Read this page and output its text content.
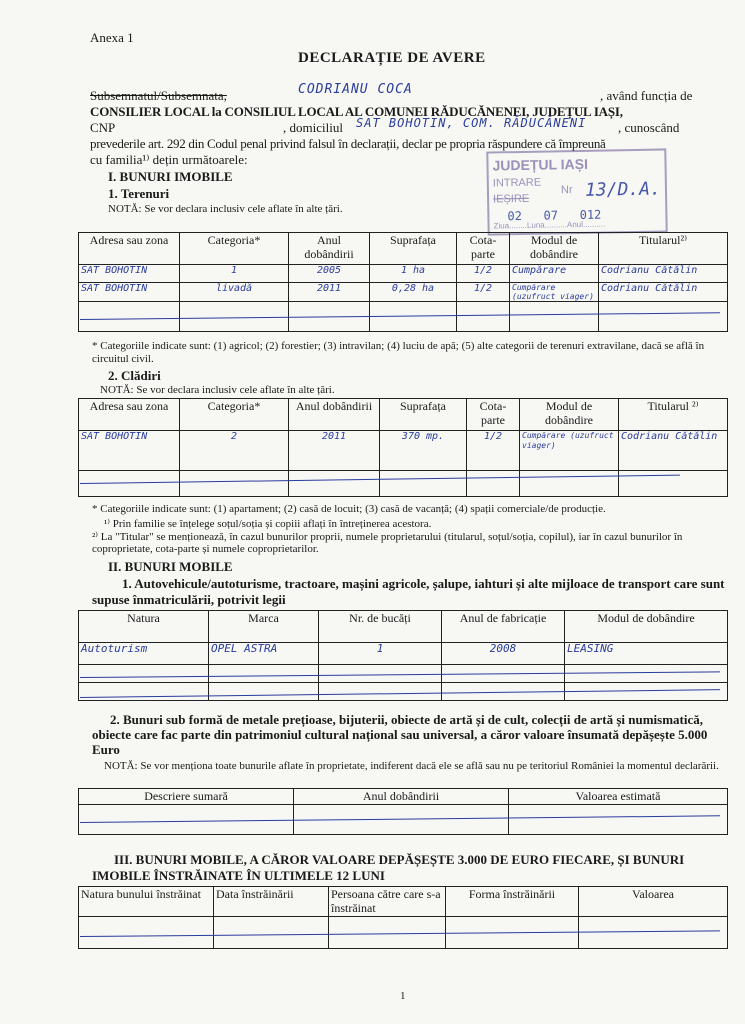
Anexa 1
DECLARAȚIE DE AVERE
JUDEȚUL IAȘI
INTRARE
IEȘIRE
Nr 13/D.A.
02   07   012
Ziua........Luna..........Anul..........
Subsemnatul/Subsemnata,	CODRIANU COCA	, având funcția de
CONSILIER LOCAL la CONSILIUL LOCAL AL COMUNEI RĂDUCĂNENEI, JUDEȚUL IAȘI,
CNP	, domiciliul SAT BOHOTIN, COM. RĂDUCĂNENI , cunoscând
prevederile art. 292 din Codul penal privind falsul în declarații, declar pe propria răspundere că împreună
cu familia¹⁾ dețin următoarele:
I. BUNURI IMOBILE
1. Terenuri
NOTĂ: Se vor declara inclusiv cele aflate în alte țări.
Adresa sau zona	Categoria*	Anul dobândirii	Suprafața	Cota-parte	Modul de dobândire	Titularul²⁾
SAT BOHOTIN	1	2005	1 ha	1/2	Cumpărare	Codrianu Cătălin
SAT BOHOTIN	livadă	2011	0,28 ha	1/2	Cumpărare (uzufruct viager)	Codrianu Cătălin

* Categoriile indicate sunt: (1) agricol; (2) forestier; (3) intravilan; (4) luciu de apă; (5) alte categorii de terenuri extravilane, dacă se află în circuitul civil.
2. Clădiri
NOTĂ: Se vor declara inclusiv cele aflate în alte țări.
Adresa sau zona	Categoria*	Anul dobândirii	Suprafața	Cota-parte	Modul de dobândire	Titularul ²⁾
SAT BOHOTIN	2	2011	370 mp.	1/2	Cumpărare (uzufruct viager)	Codrianu Cătălin

* Categoriile indicate sunt: (1) apartament; (2) casă de locuit; (3) casă de vacanță; (4) spații comerciale/de producție.
¹⁾ Prin familie se înțelege soțul/soția și copiii aflați în întreținerea acestora.
²⁾ La "Titular" se menționează, în cazul bunurilor proprii, numele proprietarului (titularul, soțul/soția, copilul), iar în cazul bunurilor în coproprietate, cota-parte și numele coproprietarilor.
II. BUNURI MOBILE
1. Autovehicule/autoturisme, tractoare, mașini agricole, șalupe, iahturi și alte mijloace de transport care sunt supuse înmatriculării, potrivit legii
Natura	Marca	Nr. de bucăți	Anul de fabricație	Modul de dobândire
Autoturism	OPEL ASTRA	1	2008	LEASING

2. Bunuri sub formă de metale prețioase, bijuterii, obiecte de artă și de cult, colecții de artă și numismatică, obiecte care fac parte din patrimoniul cultural național sau universal, a căror valoare însumată depășește 5.000 Euro
NOTĂ: Se vor menționa toate bunurile aflate în proprietate, indiferent dacă ele se află sau nu pe teritoriul României la momentul declarării.
Descriere sumară	Anul dobândirii	Valoarea estimată

III. BUNURI MOBILE, A CĂROR VALOARE DEPĂȘEȘTE 3.000 DE EURO FIECARE, ȘI BUNURI IMOBILE ÎNSTRĂINATE ÎN ULTIMELE 12 LUNI
Natura bunului înstrăinat	Data înstrăinării	Persoana către care s-a înstrăinat	Forma înstrăinării	Valoarea

1
